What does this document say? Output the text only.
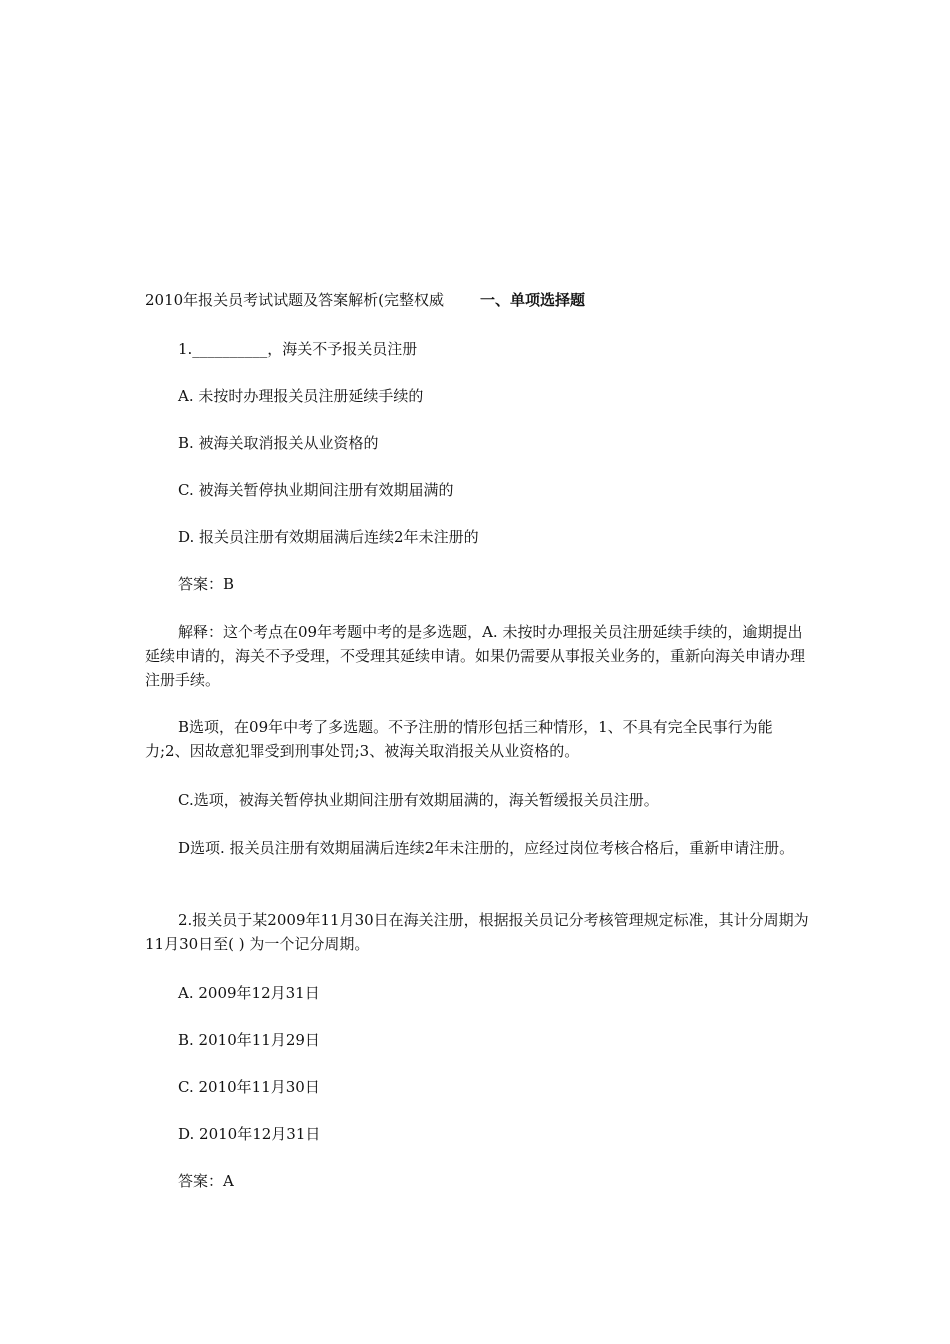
2010年报关员考试试题及答案解析(完整权威 一、单项选择题

1.__________，海关不予报关员注册

A. 未按时办理报关员注册延续手续的

B. 被海关取消报关从业资格的

C. 被海关暂停执业期间注册有效期届满的

D. 报关员注册有效期届满后连续2年未注册的

答案：B

解释：这个考点在09年考题中考的是多选题，A. 未按时办理报关员注册延续手续的，逾期提出延续申请的，海关不予受理，不受理其延续申请。如果仍需要从事报关业务的，重新向海关申请办理注册手续。

B选项，在09年中考了多选题。不予注册的情形包括三种情形，1、不具有完全民事行为能力;2、因故意犯罪受到刑事处罚;3、被海关取消报关从业资格的。

C.选项，被海关暂停执业期间注册有效期届满的，海关暂缓报关员注册。

D选项. 报关员注册有效期届满后连续2年未注册的，应经过岗位考核合格后，重新申请注册。

2.报关员于某2009年11月30日在海关注册，根据报关员记分考核管理规定标准，其计分周期为11月30日至( ) 为一个记分周期。

A. 2009年12月31日

B. 2010年11月29日

C. 2010年11月30日

D. 2010年12月31日

答案：A
